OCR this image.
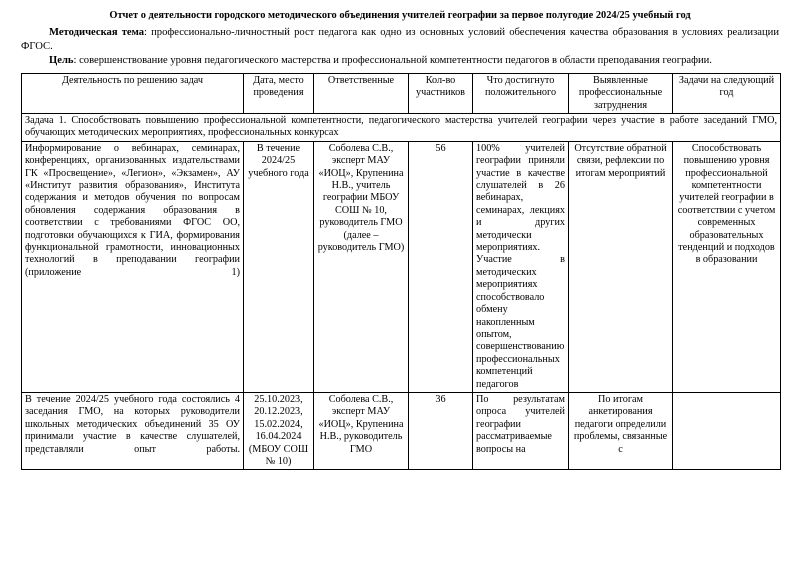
Отчет о деятельности городского методического объединения учителей географии за первое полугодие 2024/25 учебный год
Методическая тема: профессионально-личностный рост педагога как одно из основных условий обеспечения качества образования в условиях реализации ФГОС.
Цель: совершенствование уровня педагогического мастерства и профессиональной компетентности педагогов в области преподавания географии.
Деятельность по решению задач	Дата, место проведения	Ответственные	Кол-во участников	Что достигнуто положительного	Выявленные профессиональные затруднения	Задачи на следующий год
Задача 1. Способствовать повышению профессиональной компетентности, педагогического мастерства учителей географии через участие в работе заседаний ГМО, обучающих методических мероприятиях, профессиональных конкурсах						
Информирование о вебинарах, семинарах, конференциях, организованных издательствами ГК «Просвещение», «Легион», «Экзамен», АУ «Институт развития образования», Института содержания и методов обучения по вопросам обновления содержания образования в соответствии с требованиями ФГОС ОО, подготовки обучающихся к ГИА, формирования функциональной грамотности, инновационных технологий в преподавании географии (приложение 1)	В течение 2024/25 учебного года	Соболева С.В., эксперт МАУ «ИОЦ», Крупенина Н.В., учитель географии МБОУ СОШ № 10, руководитель ГМО (далее – руководитель ГМО)	56	100% учителей географии приняли участие в качестве слушателей в 26 вебинарах, семинарах, лекциях и других методически мероприятиях. Участие в методических мероприятиях способствовало обмену накопленным опытом, совершенствованию профессиональных компетенций педагогов	Отсутствие обратной связи, рефлексии по итогам мероприятий	Способствовать повышению уровня профессиональной компетентности учителей географии в соответствии с учетом современных образовательных тенденций и подходов в образовании
В течение 2024/25 учебного года состоялись 4 заседания ГМО, на которых руководители школьных методических объединений 35 ОУ принимали участие в качестве слушателей, представляли опыт работы.	25.10.2023, 20.12.2023, 15.02.2024, 16.04.2024 (МБОУ СОШ № 10)	Соболева С.В., эксперт МАУ «ИОЦ», Крупенина Н.В., руководитель ГМО	36	По результатам опроса учителей географии рассматриваемые вопросы на	По итогам анкетирования педагоги определили проблемы, связанные с	
